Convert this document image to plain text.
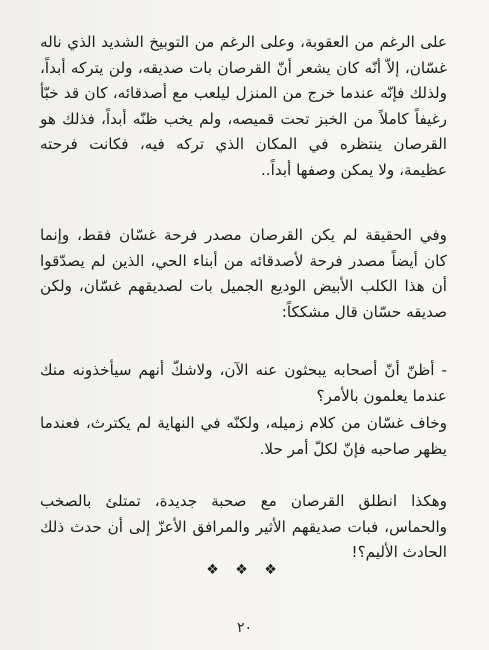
على الرغم من العقوبة، وعلى الرغم من التوبيخ الشديد الذي ناله غسّان، إلاّ أنّه كان يشعر أنّ القرصان بات صديقه، ولن يتركه أبداً، ولذلك فإنّه عندما خرج من المنزل ليلعب مع أصدقائه، كان قد خبّأ رغيفاً كاملاً من الخبز تحت قميصه، ولم يخب ظنّه أبداً، فذلك هو القرصان ينتظره في المكان الذي تركه فيه، فكانت فرحته عظيمة، ولا يمكن وصفها أبداً..

وفي الحقيقة لم يكن القرصان مصدر فرحة غسّان فقط، وإنما كان أيضاً مصدر فرحة لأصدقائه من أبناء الحي، الذين لم يصدّقوا أن هذا الكلب الأبيض الوديع الجميل بات لصديقهم غسّان، ولكن صديقه حسّان قال مشككاً:

- أظنّ أنّ أصحابه يبحثون عنه الآن، ولاشكّ أنهم سيأخذونه منك عندما يعلمون بالأمر؟

وخاف غسّان من كلام زميله، ولكنّه في النهاية لم يكترث، فعندما يظهر صاحبه فإنّ لكلّ أمر حلا.

وهكذا انطلق القرصان مع صحبة جديدة، تمتلئ بالصخب والحماس، فبات صديقهم الأثير والمرافق الأعزّ إلى أن حدث ذلك الحادث الأليم؟!

❖ ❖ ❖
٢٠
